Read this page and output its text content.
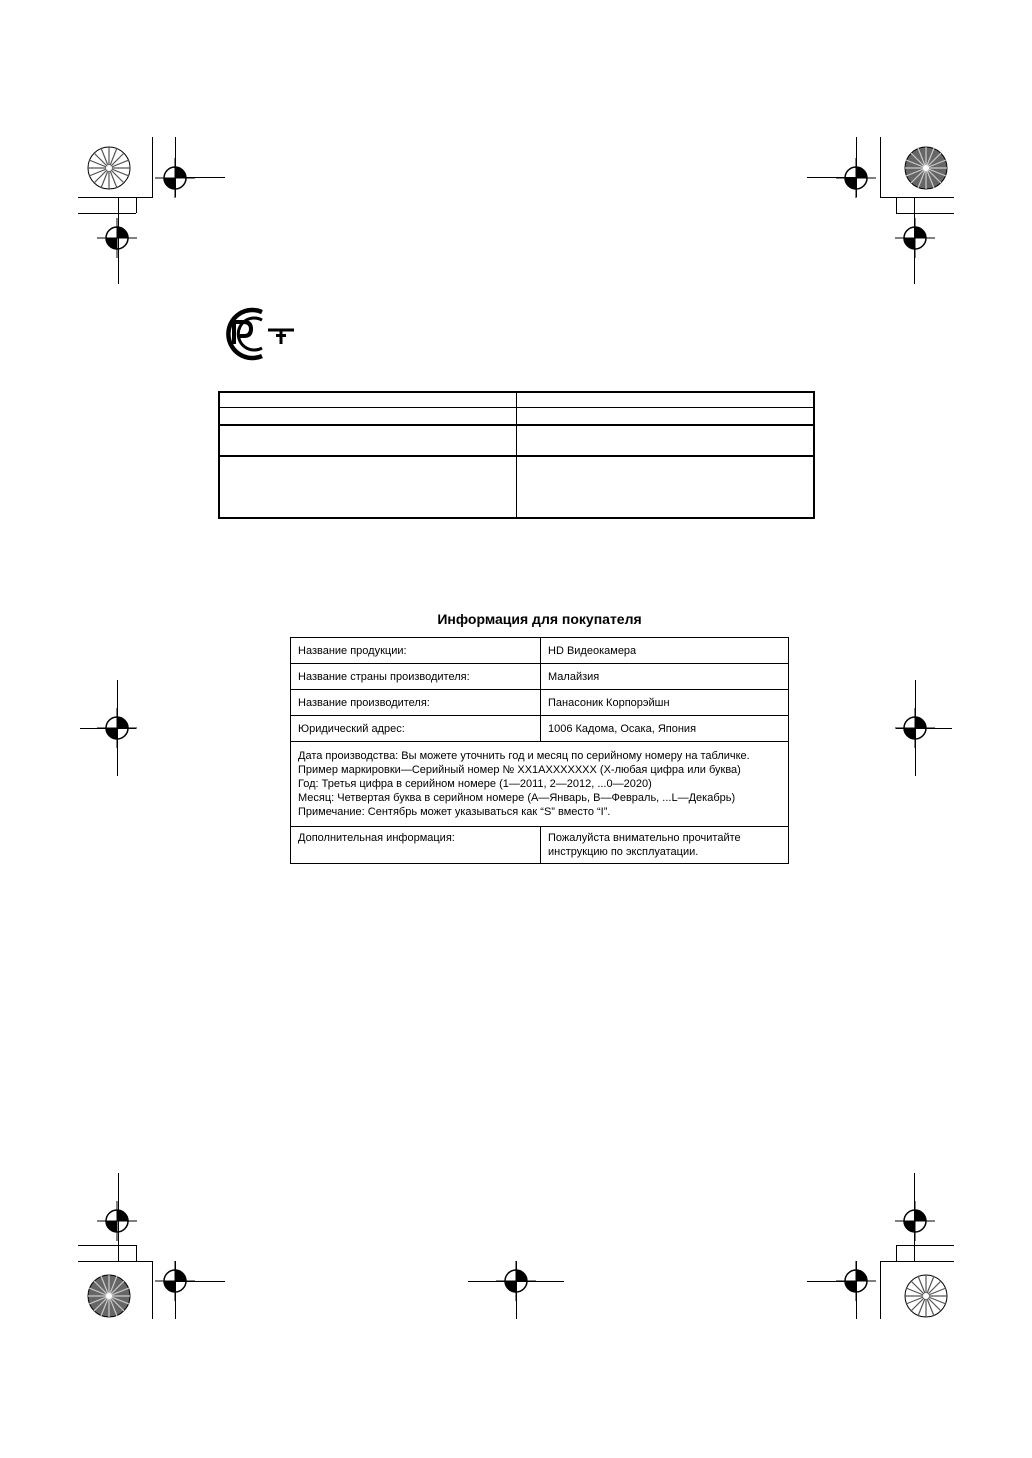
Информация для покупателя
Название продукции:	HD Видеокамера
Название страны производителя:	Малайзия
Название производителя:	Панасоник Корпорэйшн
Юридический адрес:	1006 Кадома, Осака, Япония

Дата производства: Вы можете уточнить год и месяц по серийному номеру на табличке.
Пример маркировки—Серийный номер № XX1AXXXXXXX (X-любая цифра или буква)
Год: Третья цифра в серийном номере (1—2011, 2—2012, ...0—2020)
Месяц: Четвертая буква в серийном номере (A—Январь, B—Февраль, ...L—Декабрь)
Примечание: Сентябрь может указываться как “S” вместо “I”.	

Дополнительная информация:	Пожалуйста внимательно прочитайте инструкцию по эксплуатации.
